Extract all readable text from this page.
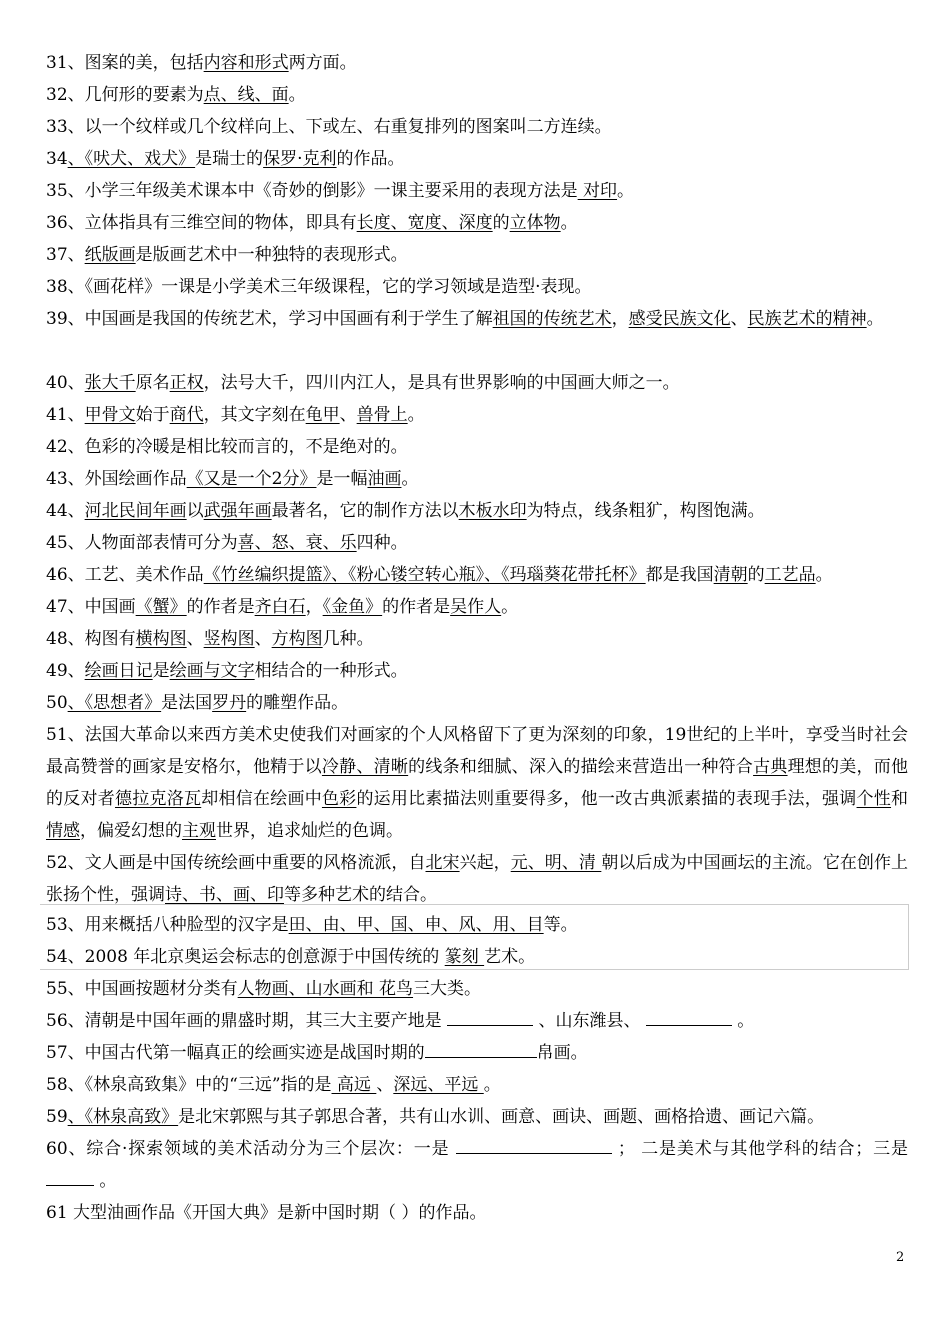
31、图案的美，包括内容和形式两方面。
32、几何形的要素为点、线、面。
33、以一个纹样或几个纹样向上、下或左、右重复排列的图案叫二方连续。
34、《吠犬、戏犬》是瑞士的保罗·克利的作品。
35、小学三年级美术课本中《奇妙的倒影》一课主要采用的表现方法是 对印。
36、立体指具有三维空间的物体，即具有长度、宽度、深度的立体物。
37、纸版画是版画艺术中一种独特的表现形式。
38、《画花样》一课是小学美术三年级课程，它的学习领域是造型·表现。
39、中国画是我国的传统艺术，学习中国画有利于学生了解祖国的传统艺术，感受民族文化、民族艺术的精神。
40、张大千原名正权，法号大千，四川内江人，是具有世界影响的中国画大师之一。
41、甲骨文始于商代，其文字刻在龟甲、兽骨上。
42、色彩的冷暖是相比较而言的，不是绝对的。
43、外国绘画作品《又是一个2分》是一幅油画。
44、河北民间年画以武强年画最著名，它的制作方法以木板水印为特点，线条粗犷，构图饱满。
45、人物面部表情可分为喜、怒、衰、乐四种。
46、工艺、美术作品《竹丝编织提篮》、《粉心镂空转心瓶》、《玛瑙葵花带托杯》都是我国清朝的工艺品。
47、中国画《蟹》的作者是齐白石，《金鱼》的作者是吴作人。
48、构图有横构图、竖构图、方构图几种。
49、绘画日记是绘画与文字相结合的一种形式。
50、《思想者》是法国罗丹的雕塑作品。
51、法国大革命以来西方美术史使我们对画家的个人风格留下了更为深刻的印象，19世纪的上半叶，享受当时社会最高赞誉的画家是安格尔，他精于以冷静、清晰的线条和细腻、深入的描绘来营造出一种符合古典理想的美，而他的反对者德拉克洛瓦却相信在绘画中色彩的运用比素描法则重要得多，他一改古典派素描的表现手法，强调个性和情感，偏爱幻想的主观世界，追求灿烂的色调。
52、文人画是中国传统绘画中重要的风格流派，自北宋兴起，元、明、清 朝以后成为中国画坛的主流。它在创作上张扬个性，强调诗、书、画、印等多种艺术的结合。
53、用来概括八种脸型的汉字是田、由、甲、国、申、风、用、目等。
54、2008 年北京奥运会标志的创意源于中国传统的 篆刻 艺术。
55、中国画按题材分类有人物画、山水画和 花鸟三大类。
56、清朝是中国年画的鼎盛时期，其三大主要产地是	、山东潍县、	。
57、中国古代第一幅真正的绘画实迹是战国时期的	帛画。
58、《林泉高致集》中的“三远”指的是 高远 、深远、平远 。
59、《林泉高致》是北宋郭熙与其子郭思合著，共有山水训、画意、画诀、画题、画格拾遗、画记六篇。
60、综合·探索领域的美术活动分为三个层次：一是	； 二是美术与其他学科的结合；三是  。
61 大型油画作品《开国大典》是新中国时期（ ）的作品。
2
